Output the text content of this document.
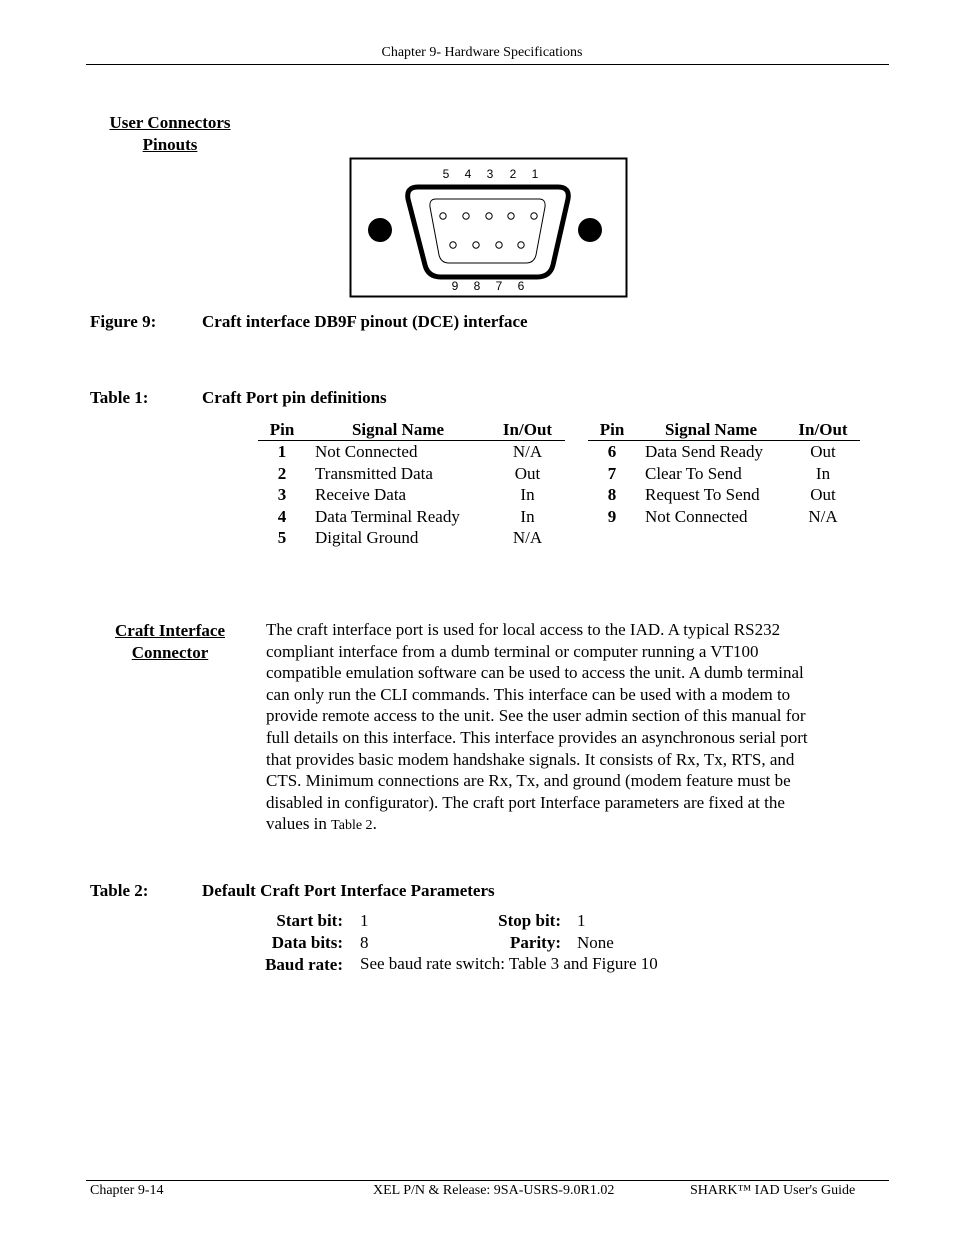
Chapter 9- Hardware Specifications
User Connectors
Pinouts
5 4 3 2 1
9 8 7 6
Figure 9:	Craft interface DB9F pinout (DCE) interface
Table 1:	Craft Port pin definitions
Pin	Signal Name	In/Out
1	Not Connected	N/A
2	Transmitted Data	Out
3	Receive Data	In
4	Data Terminal Ready	In
5	Digital Ground	N/A
Pin	Signal Name	In/Out
6	Data Send Ready	Out
7	Clear To Send	In
8	Request To Send	Out
9	Not Connected	N/A
Craft Interface
Connector
The craft interface port is used for local access to the IAD. A typical RS232
compliant interface from a dumb terminal or computer running a VT100
compatible emulation software can be used to access the unit. A dumb terminal
can only run the CLI commands. This interface can be used with a modem to
provide remote access to the unit. See the user admin section of this manual for
full details on this interface. This interface provides an asynchronous serial port
that provides basic modem handshake signals. It consists of Rx, Tx, RTS, and
CTS. Minimum connections are Rx, Tx, and ground (modem feature must be
disabled in configurator). The craft port Interface parameters are fixed at the
values in Table 2.
Table 2:	Default Craft Port Interface Parameters
Start bit: 1	Stop bit: 1
Data bits: 8	Parity: None
Baud rate: See baud rate switch: Table 3 and Figure 10
Chapter 9-14	XEL P/N & Release: 9SA-USRS-9.0R1.02	SHARK™ IAD User's Guide
